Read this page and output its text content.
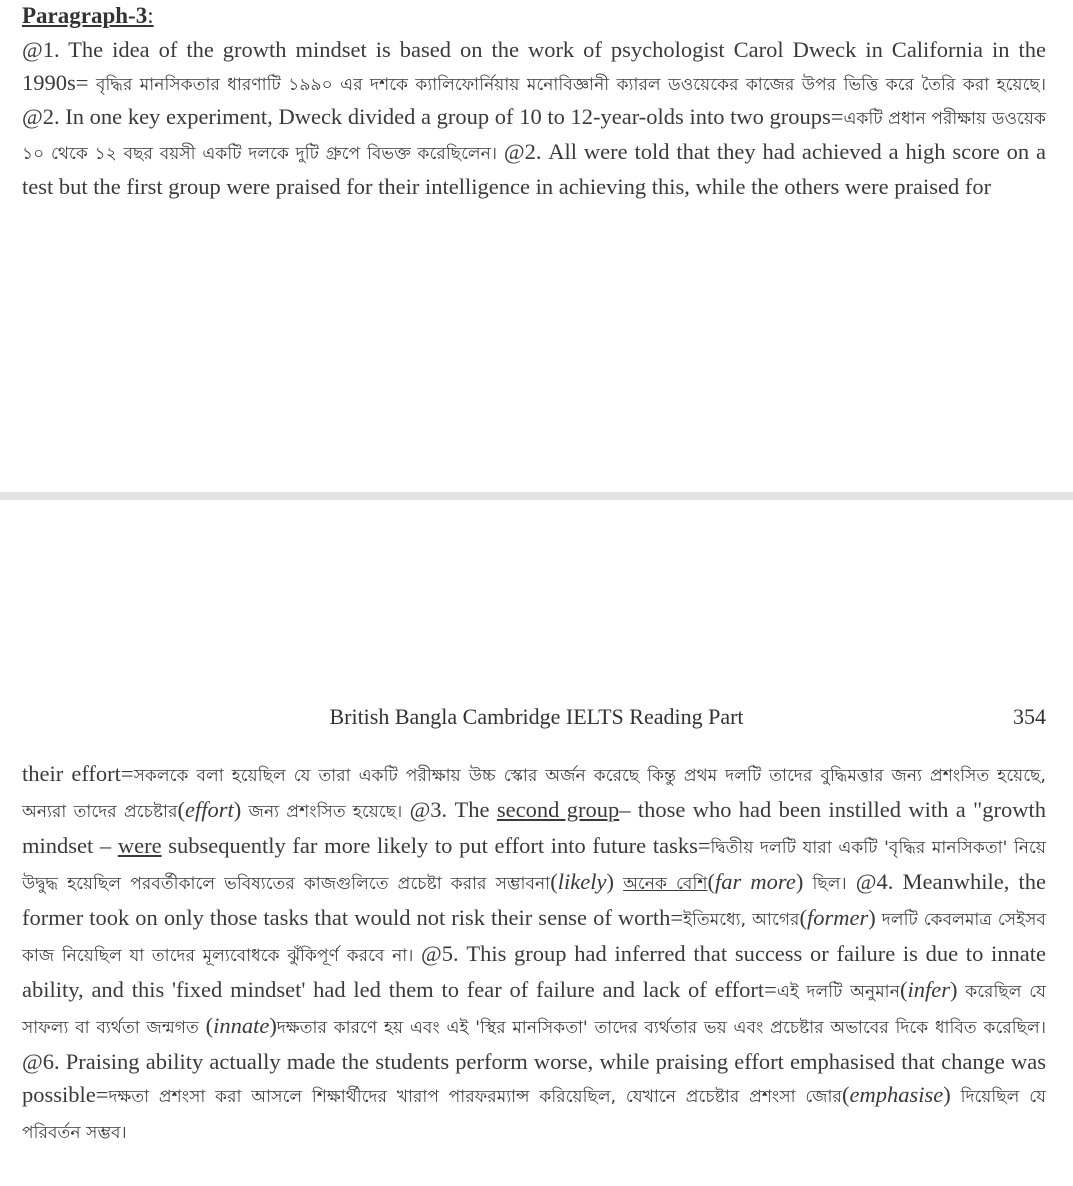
Paragraph-3:
@1. The idea of the growth mindset is based on the work of psychologist Carol Dweck in California in the 1990s= বৃদ্ধির মানসিকতার ধারণাটি ১৯৯০ এর দশকে ক্যালিফোর্নিয়ায় মনোবিজ্ঞানী ক্যারল ডওয়েকের কাজের উপর ভিত্তি করে তৈরি করা হয়েছে। @2. In one key experiment, Dweck divided a group of 10 to 12-year-olds into two groups=একটি প্রধান পরীক্ষায় ডওয়েক ১০ থেকে ১২ বছর বয়সী একটি দলকে দুটি গ্রুপে বিভক্ত করেছিলেন। @2. All were told that they had achieved a high score on a test but the first group were praised for their intelligence in achieving this, while the others were praised for
British Bangla Cambridge IELTS Reading Part	354
their effort=সকলকে বলা হয়েছিল যে তারা একটি পরীক্ষায় উচ্চ স্কোর অর্জন করেছে কিন্তু প্রথম দলটি তাদের বুদ্ধিমত্তার জন্য প্রশংসিত হয়েছে, অন্যরা তাদের প্রচেষ্টার(effort) জন্য প্রশংসিত হয়েছে। @3. The second group– those who had been instilled with a "growth mindset – were subsequently far more likely to put effort into future tasks=দ্বিতীয় দলটি যারা একটি 'বৃদ্ধির মানসিকতা' নিয়ে উদ্বুদ্ধ হয়েছিল পরবর্তীকালে ভবিষ্যতের কাজগুলিতে প্রচেষ্টা করার সম্ভাবনা(likely) অনেক বেশি(far more) ছিল। @4. Meanwhile, the former took on only those tasks that would not risk their sense of worth=ইতিমধ্যে, আগের(former) দলটি কেবলমাত্র সেইসব কাজ নিয়েছিল যা তাদের মূল্যবোধকে ঝুঁকিপূর্ণ করবে না। @5. This group had inferred that success or failure is due to innate ability, and this 'fixed mindset' had led them to fear of failure and lack of effort=এই দলটি অনুমান(infer) করেছিল যে সাফল্য বা ব্যর্থতা জন্মগত (innate)দক্ষতার কারণে হয় এবং এই 'স্থির মানসিকতা' তাদের ব্যর্থতার ভয় এবং প্রচেষ্টার অভাবের দিকে ধাবিত করেছিল। @6. Praising ability actually made the students perform worse, while praising effort emphasised that change was possible=দক্ষতা প্রশংসা করা আসলে শিক্ষার্থীদের খারাপ পারফরম্যান্স করিয়েছিল, যেখানে প্রচেষ্টার প্রশংসা জোর(emphasise) দিয়েছিল যে পরিবর্তন সম্ভব।
